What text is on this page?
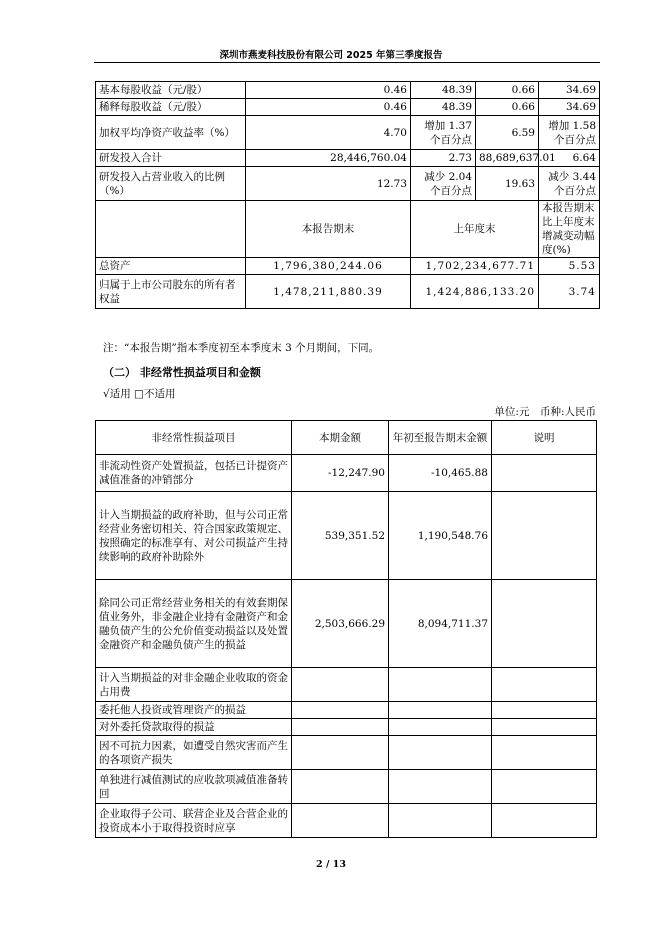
深圳市燕麦科技股份有限公司 2025 年第三季度报告
基本每股收益（元/股）	0.46	48.39	0.66	34.69
稀释每股收益（元/股）	0.46	48.39	0.66	34.69
加权平均净资产收益率（%）	4.70	增加 1.37 个百分点	6.59	增加 1.58 个百分点
研发投入合计	28,446,760.04	2.73	88,689,637.01	6.64
研发投入占营业收入的比例（%）	12.73	减少 2.04 个百分点	19.63	减少 3.44 个百分点
	本报告期末	上年度末		本报告期末比上年度末增减变动幅度(%)
总资产	1,796,380,244.06	1,702,234,677.71		5.53
归属于上市公司股东的所有者权益	1,478,211,880.39	1,424,886,133.20		3.74
注：“本报告期”指本季度初至本季度末 3 个月期间，下同。
（二） 非经常性损益项目和金额
√适用 □不适用
单位:元　币种:人民币
非经常性损益项目	本期金额	年初至报告期末金额	说明
非流动性资产处置损益，包括已计提资产减值准备的冲销部分	-12,247.90	-10,465.88	
计入当期损益的政府补助，但与公司正常经营业务密切相关、符合国家政策规定、按照确定的标准享有、对公司损益产生持续影响的政府补助除外	539,351.52	1,190,548.76	
除同公司正常经营业务相关的有效套期保值业务外，非金融企业持有金融资产和金融负债产生的公允价值变动损益以及处置金融资产和金融负债产生的损益	2,503,666.29	8,094,711.37	
计入当期损益的对非金融企业收取的资金占用费			
委托他人投资或管理资产的损益			
对外委托贷款取得的损益			
因不可抗力因素，如遭受自然灾害而产生的各项资产损失			
单独进行减值测试的应收款项减值准备转回			
企业取得子公司、联营企业及合营企业的投资成本小于取得投资时应享			
2 / 13
